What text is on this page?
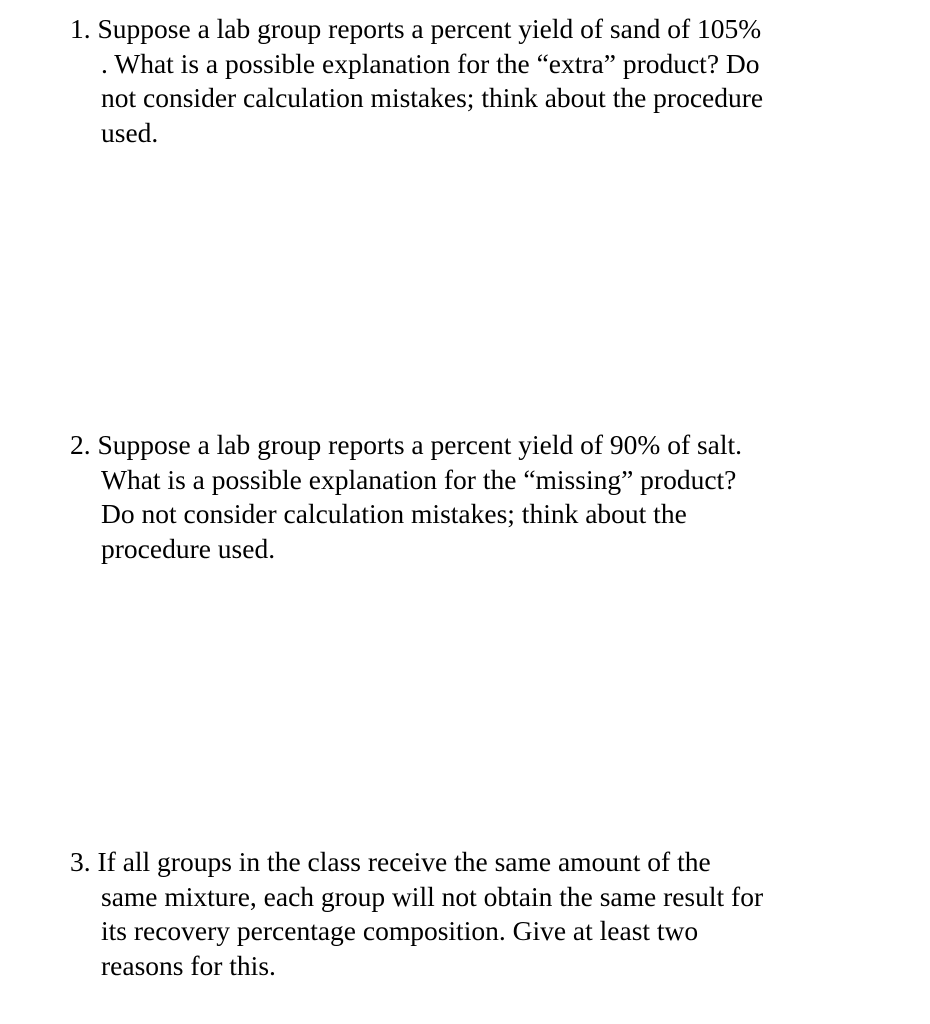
1. Suppose a lab group reports a percent yield of sand of 105%
. What is a possible explanation for the “extra” product? Do
not consider calculation mistakes; think about the procedure
used.
2. Suppose a lab group reports a percent yield of 90% of salt.
What is a possible explanation for the “missing” product?
Do not consider calculation mistakes; think about the
procedure used.
3. If all groups in the class receive the same amount of the
same mixture, each group will not obtain the same result for
its recovery percentage composition. Give at least two
reasons for this.
